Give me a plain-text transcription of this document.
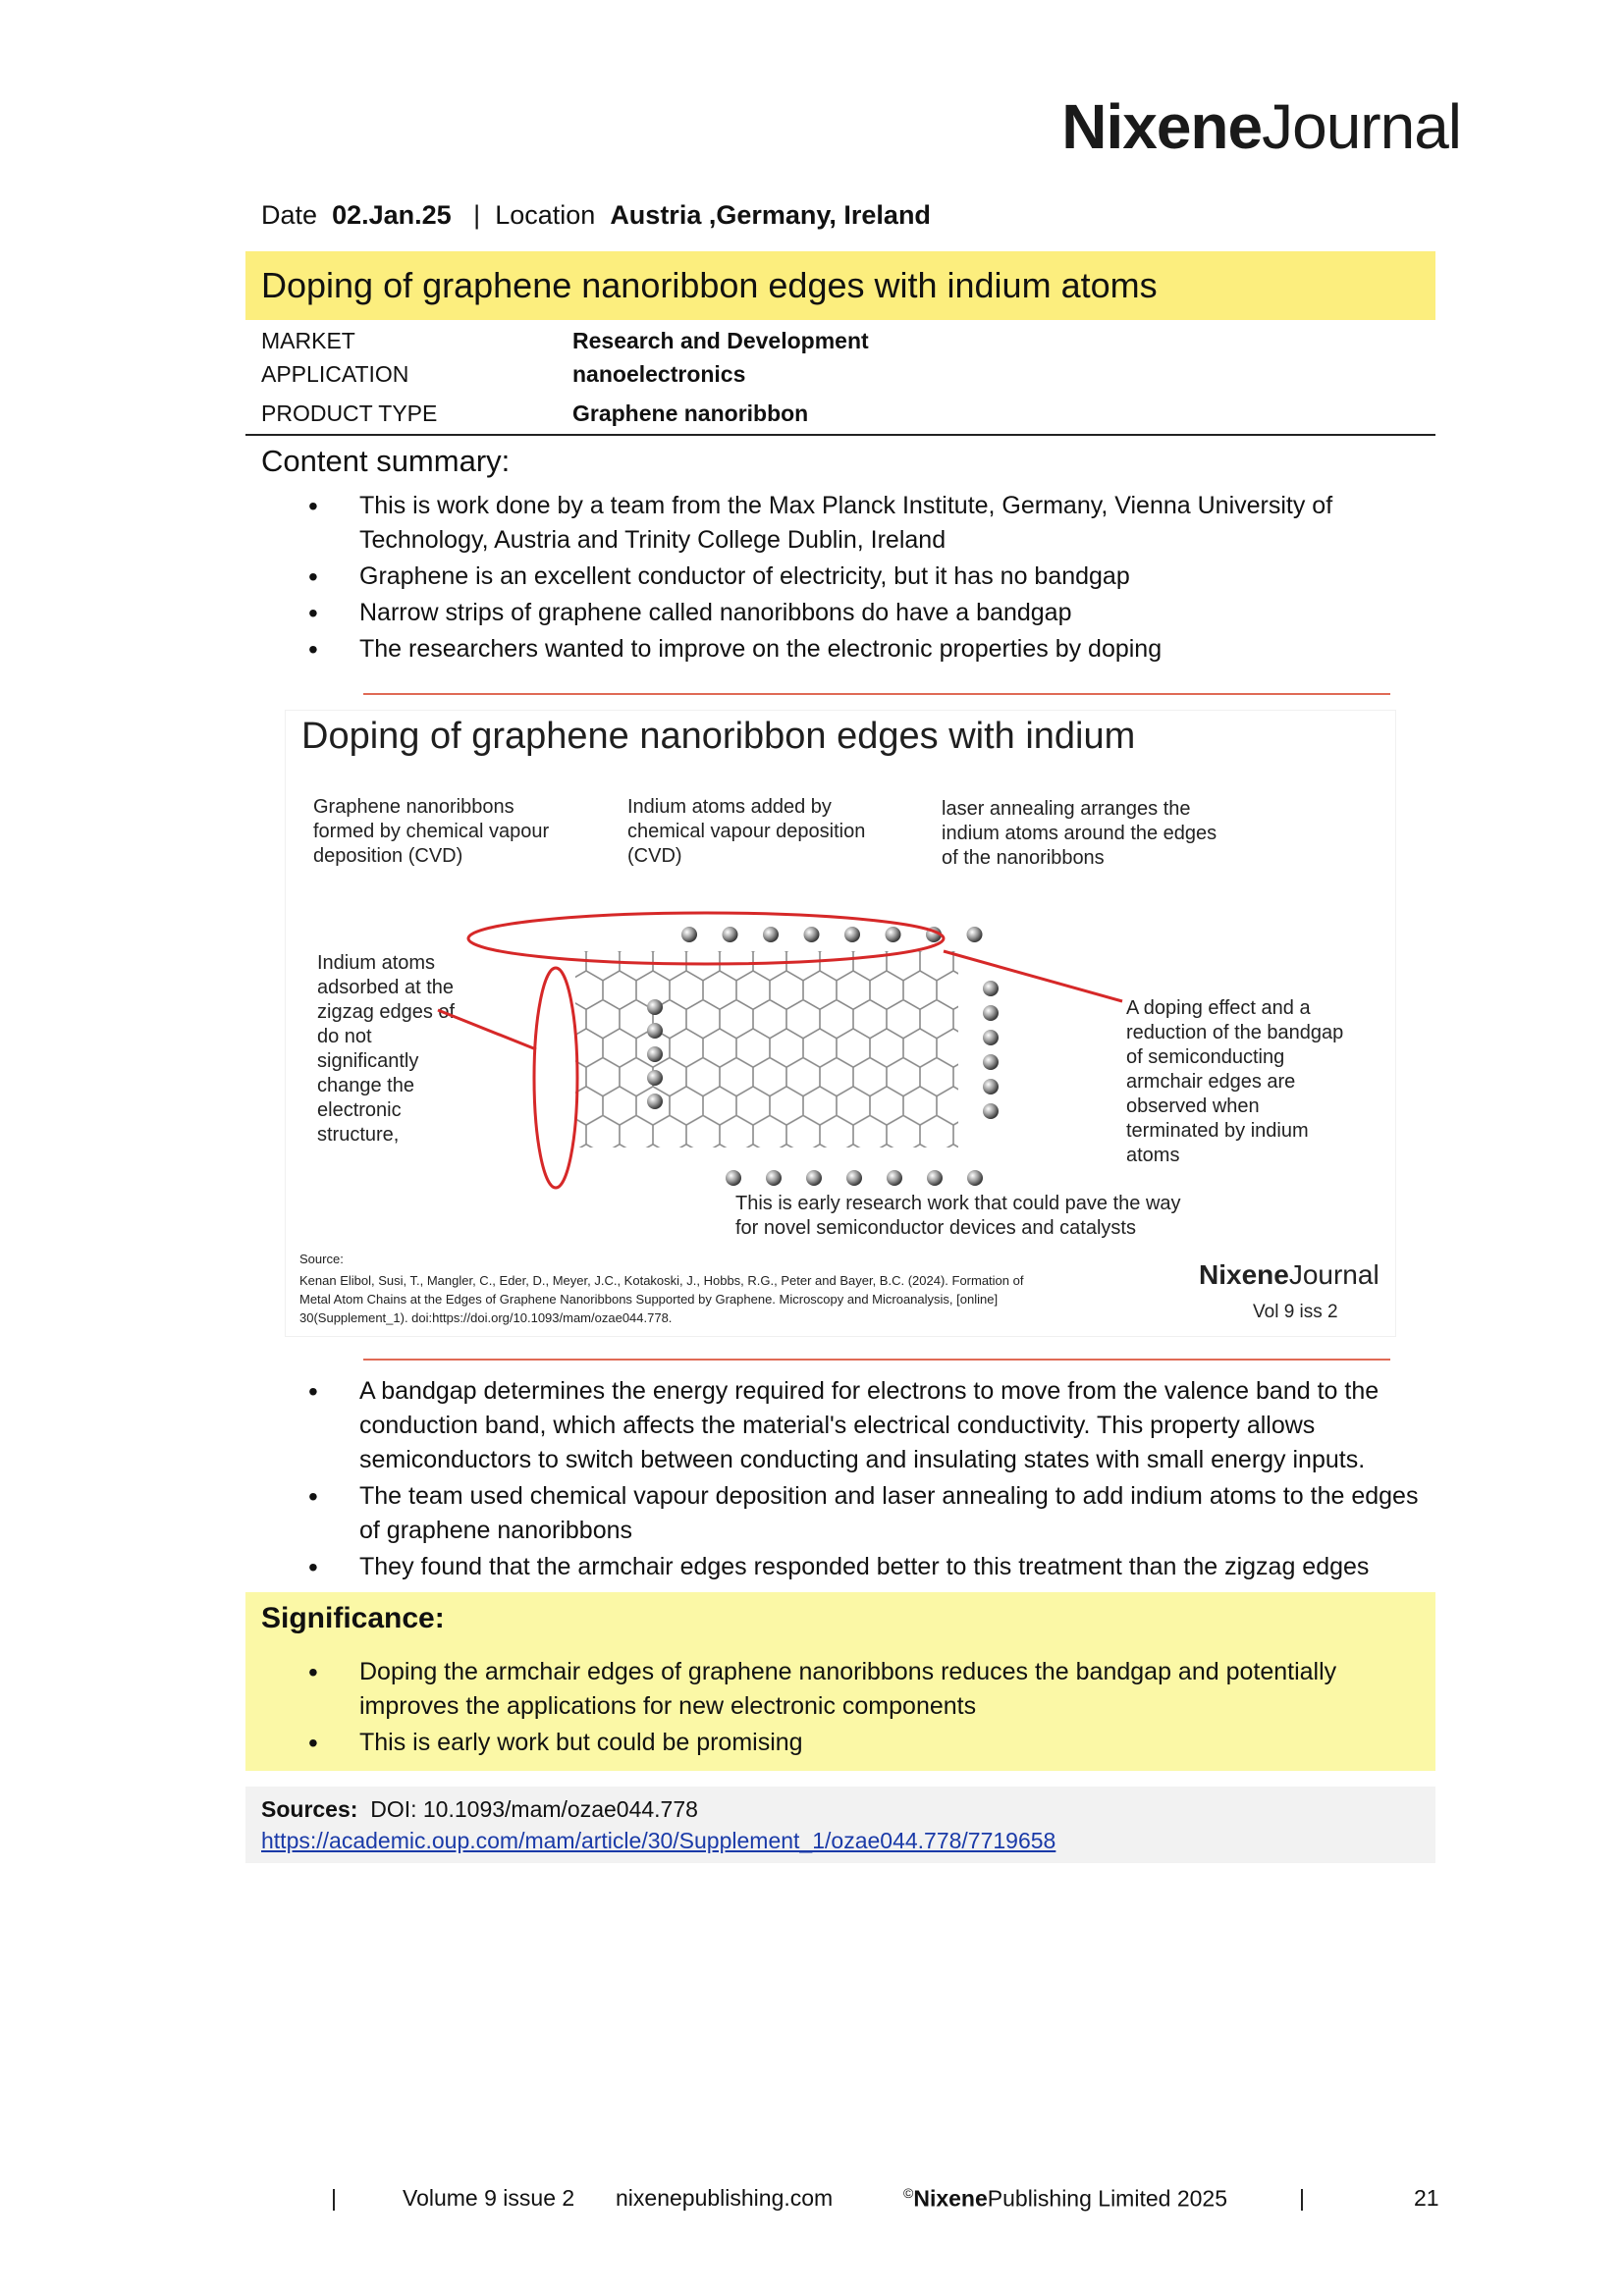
NixeneJournal
Date 02.Jan.25 | Location Austria ,Germany, Ireland
Doping of graphene nanoribbon edges with indium atoms
MARKET	Research and Development
APPLICATION	nanoelectronics
PRODUCT TYPE	Graphene nanoribbon
Content summary:
• This is work done by a team from the Max Planck Institute, Germany, Vienna University of Technology, Austria and Trinity College Dublin, Ireland
• Graphene is an excellent conductor of electricity, but it has no bandgap
• Narrow strips of graphene called nanoribbons do have a bandgap
• The researchers wanted to improve on the electronic properties by doping
Doping of graphene nanoribbon edges with indium
Graphene nanoribbons
formed by chemical vapour
deposition (CVD)
Indium atoms added by
chemical vapour deposition
(CVD)
laser annealing arranges the
indium atoms around the edges
of the nanoribbons
Indium atoms
adsorbed at the
zigzag edges of
do not
significantly
change the
electronic
structure,
A doping effect and a
reduction of the bandgap
of semiconducting
armchair edges are
observed when
terminated by indium
atoms
This is early research work that could pave the way
for novel semiconductor devices and catalysts
Source:
Kenan Elibol, Susi, T., Mangler, C., Eder, D., Meyer, J.C., Kotakoski, J., Hobbs, R.G., Peter and Bayer, B.C. (2024). Formation of
Metal Atom Chains at the Edges of Graphene Nanoribbons Supported by Graphene. Microscopy and Microanalysis, [online]
30(Supplement_1). doi:https://doi.org/10.1093/mam/ozae044.778.
NixeneJournal
Vol 9 iss 2
• A bandgap determines the energy required for electrons to move from the valence band to the conduction band, which affects the material's electrical conductivity. This property allows semiconductors to switch between conducting and insulating states with small energy inputs.
• The team used chemical vapour deposition and laser annealing to add indium atoms to the edges of graphene nanoribbons
• They found that the armchair edges responded better to this treatment than the zigzag edges
Significance:
• Doping the armchair edges of graphene nanoribbons reduces the bandgap and potentially improves the applications for new electronic components
• This is early work but could be promising
Sources: DOI: 10.1093/mam/ozae044.778
https://academic.oup.com/mam/article/30/Supplement_1/ozae044.778/7719658
|	Volume 9 issue 2 nixenepublishing.com	©NixenePublishing Limited 2025	|	21
